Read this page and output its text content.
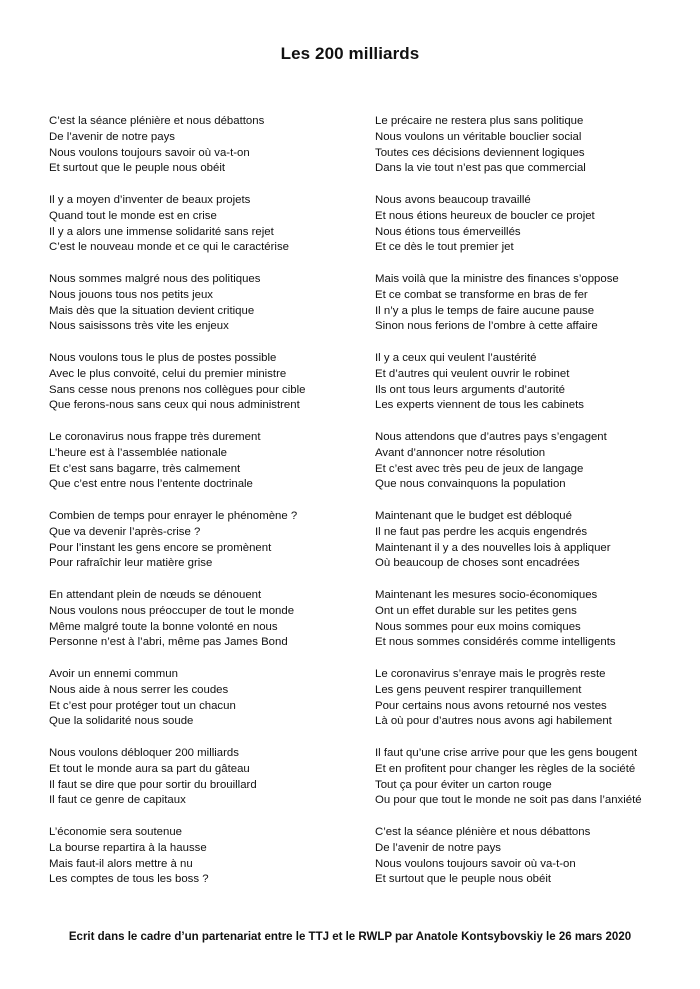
Les 200 milliards
C’est la séance plénière et nous débattons
De l’avenir de notre pays
Nous voulons toujours savoir où va-t-on
Et surtout que le peuple nous obéit
Il y a moyen d’inventer de beaux projets
Quand tout le monde est en crise
Il y a alors une immense solidarité sans rejet
C’est le nouveau monde et ce qui le caractérise
Nous sommes malgré nous des politiques
Nous jouons tous nos petits jeux
Mais dès que la situation devient critique
Nous saisissons très vite les enjeux
Nous voulons tous le plus de postes possible
Avec le plus convoité, celui du premier ministre
Sans cesse nous prenons nos collègues pour cible
Que ferons-nous sans ceux qui nous administrent
Le coronavirus nous frappe très durement
L’heure est à l’assemblée nationale
Et c’est sans bagarre, très calmement
Que c’est entre nous l’entente doctrinale
Combien de temps pour enrayer le phénomène ?
Que va devenir l’après-crise ?
Pour l’instant les gens encore se promènent
Pour rafraîchir leur matière grise
En attendant plein de nœuds se dénouent
Nous voulons nous préoccuper de tout le monde
Même malgré toute la bonne volonté en nous
Personne n’est à l’abri, même pas James Bond
Avoir un ennemi commun
Nous aide à nous serrer les coudes
Et c’est pour protéger tout un chacun
Que la solidarité nous soude
Nous voulons débloquer 200 milliards
Et tout le monde aura sa part du gâteau
Il faut se dire que pour sortir du brouillard
Il faut ce genre de capitaux
L’économie sera soutenue
La bourse repartira à la hausse
Mais faut-il alors mettre à nu
Les comptes de tous les boss ?
Le précaire ne restera plus sans politique
Nous voulons un véritable bouclier social
Toutes ces décisions deviennent logiques
Dans la vie tout n’est pas que commercial
Nous avons beaucoup travaillé
Et nous étions heureux de boucler ce projet
Nous étions tous émerveillés
Et ce dès le tout premier jet
Mais voilà que la ministre des finances s’oppose
Et ce combat se transforme en bras de fer
Il n’y a plus le temps de faire aucune pause
Sinon nous ferions de l’ombre à cette affaire
Il y a ceux qui veulent l’austérité
Et d’autres qui veulent ouvrir le robinet
Ils ont tous leurs arguments d’autorité
Les experts viennent de tous les cabinets
Nous attendons que d’autres pays s’engagent
Avant d’annoncer notre résolution
Et c’est avec très peu de jeux de langage
Que nous convainquons la population
Maintenant que le budget est débloqué
Il ne faut pas perdre les acquis engendrés
Maintenant il y a des nouvelles lois à appliquer
Où beaucoup de choses sont encadrées
Maintenant les mesures socio-économiques
Ont un effet durable sur les petites gens
Nous sommes pour eux moins comiques
Et nous sommes considérés comme intelligents
Le coronavirus s’enraye mais le progrès reste
Les gens peuvent respirer tranquillement
Pour certains nous avons retourné nos vestes
Là où pour d’autres nous avons agi habilement
Il faut qu’une crise arrive pour que les gens bougent
Et en profitent pour changer les règles de la société
Tout ça pour éviter un carton rouge
Ou pour que tout le monde ne soit pas dans l’anxiété
C’est la séance plénière et nous débattons
De l’avenir de notre pays
Nous voulons toujours savoir où va-t-on
Et surtout que le peuple nous obéit
Ecrit dans le cadre d’un partenariat entre le TTJ et le RWLP par Anatole Kontsybovskiy le 26 mars 2020
